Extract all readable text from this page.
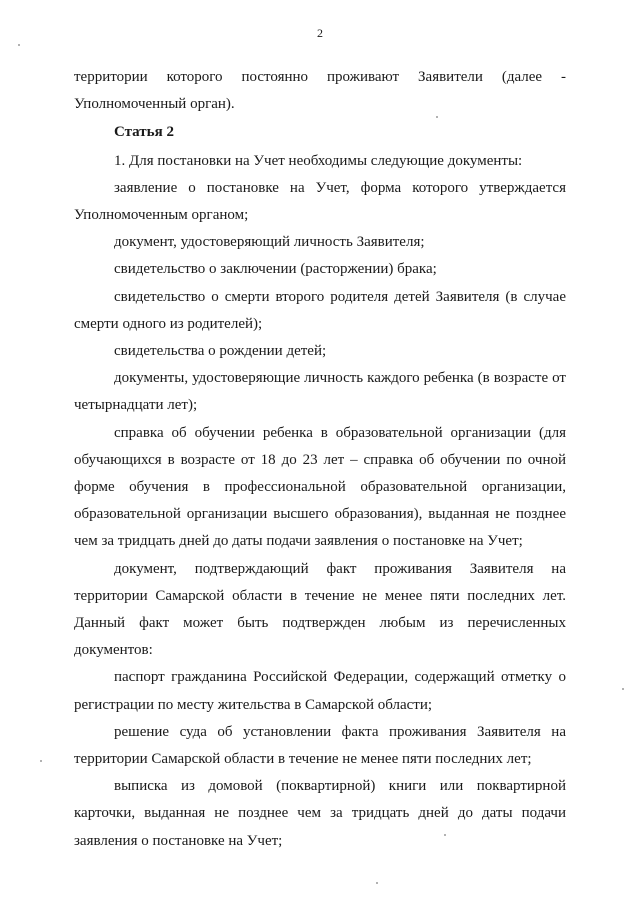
2

территории которого постоянно проживают Заявители (далее - Уполномоченный орган).

Статья 2

1. Для постановки на Учет необходимы следующие документы:

заявление о постановке на Учет, форма которого утверждается Уполномоченным органом;

документ, удостоверяющий личность Заявителя;

свидетельство о заключении (расторжении) брака;

свидетельство о смерти второго родителя детей Заявителя (в случае смерти одного из родителей);

свидетельства о рождении детей;

документы, удостоверяющие личность каждого ребенка (в возрасте от четырнадцати лет);

справка об обучении ребенка в образовательной организации (для обучающихся в возрасте от 18 до 23 лет – справка об обучении по очной форме обучения в профессиональной образовательной организации, образовательной организации высшего образования), выданная не позднее чем за тридцать дней до даты подачи заявления о постановке на Учет;

документ, подтверждающий факт проживания Заявителя на территории Самарской области в течение не менее пяти последних лет. Данный факт может быть подтвержден любым из перечисленных документов:

паспорт гражданина Российской Федерации, содержащий отметку о регистрации по месту жительства в Самарской области;

решение суда об установлении факта проживания Заявителя на территории Самарской области в течение не менее пяти последних лет;

выписка из домовой (поквартирной) книги или поквартирной карточки, выданная не позднее чем за тридцать дней до даты подачи заявления о постановке на Учет;
